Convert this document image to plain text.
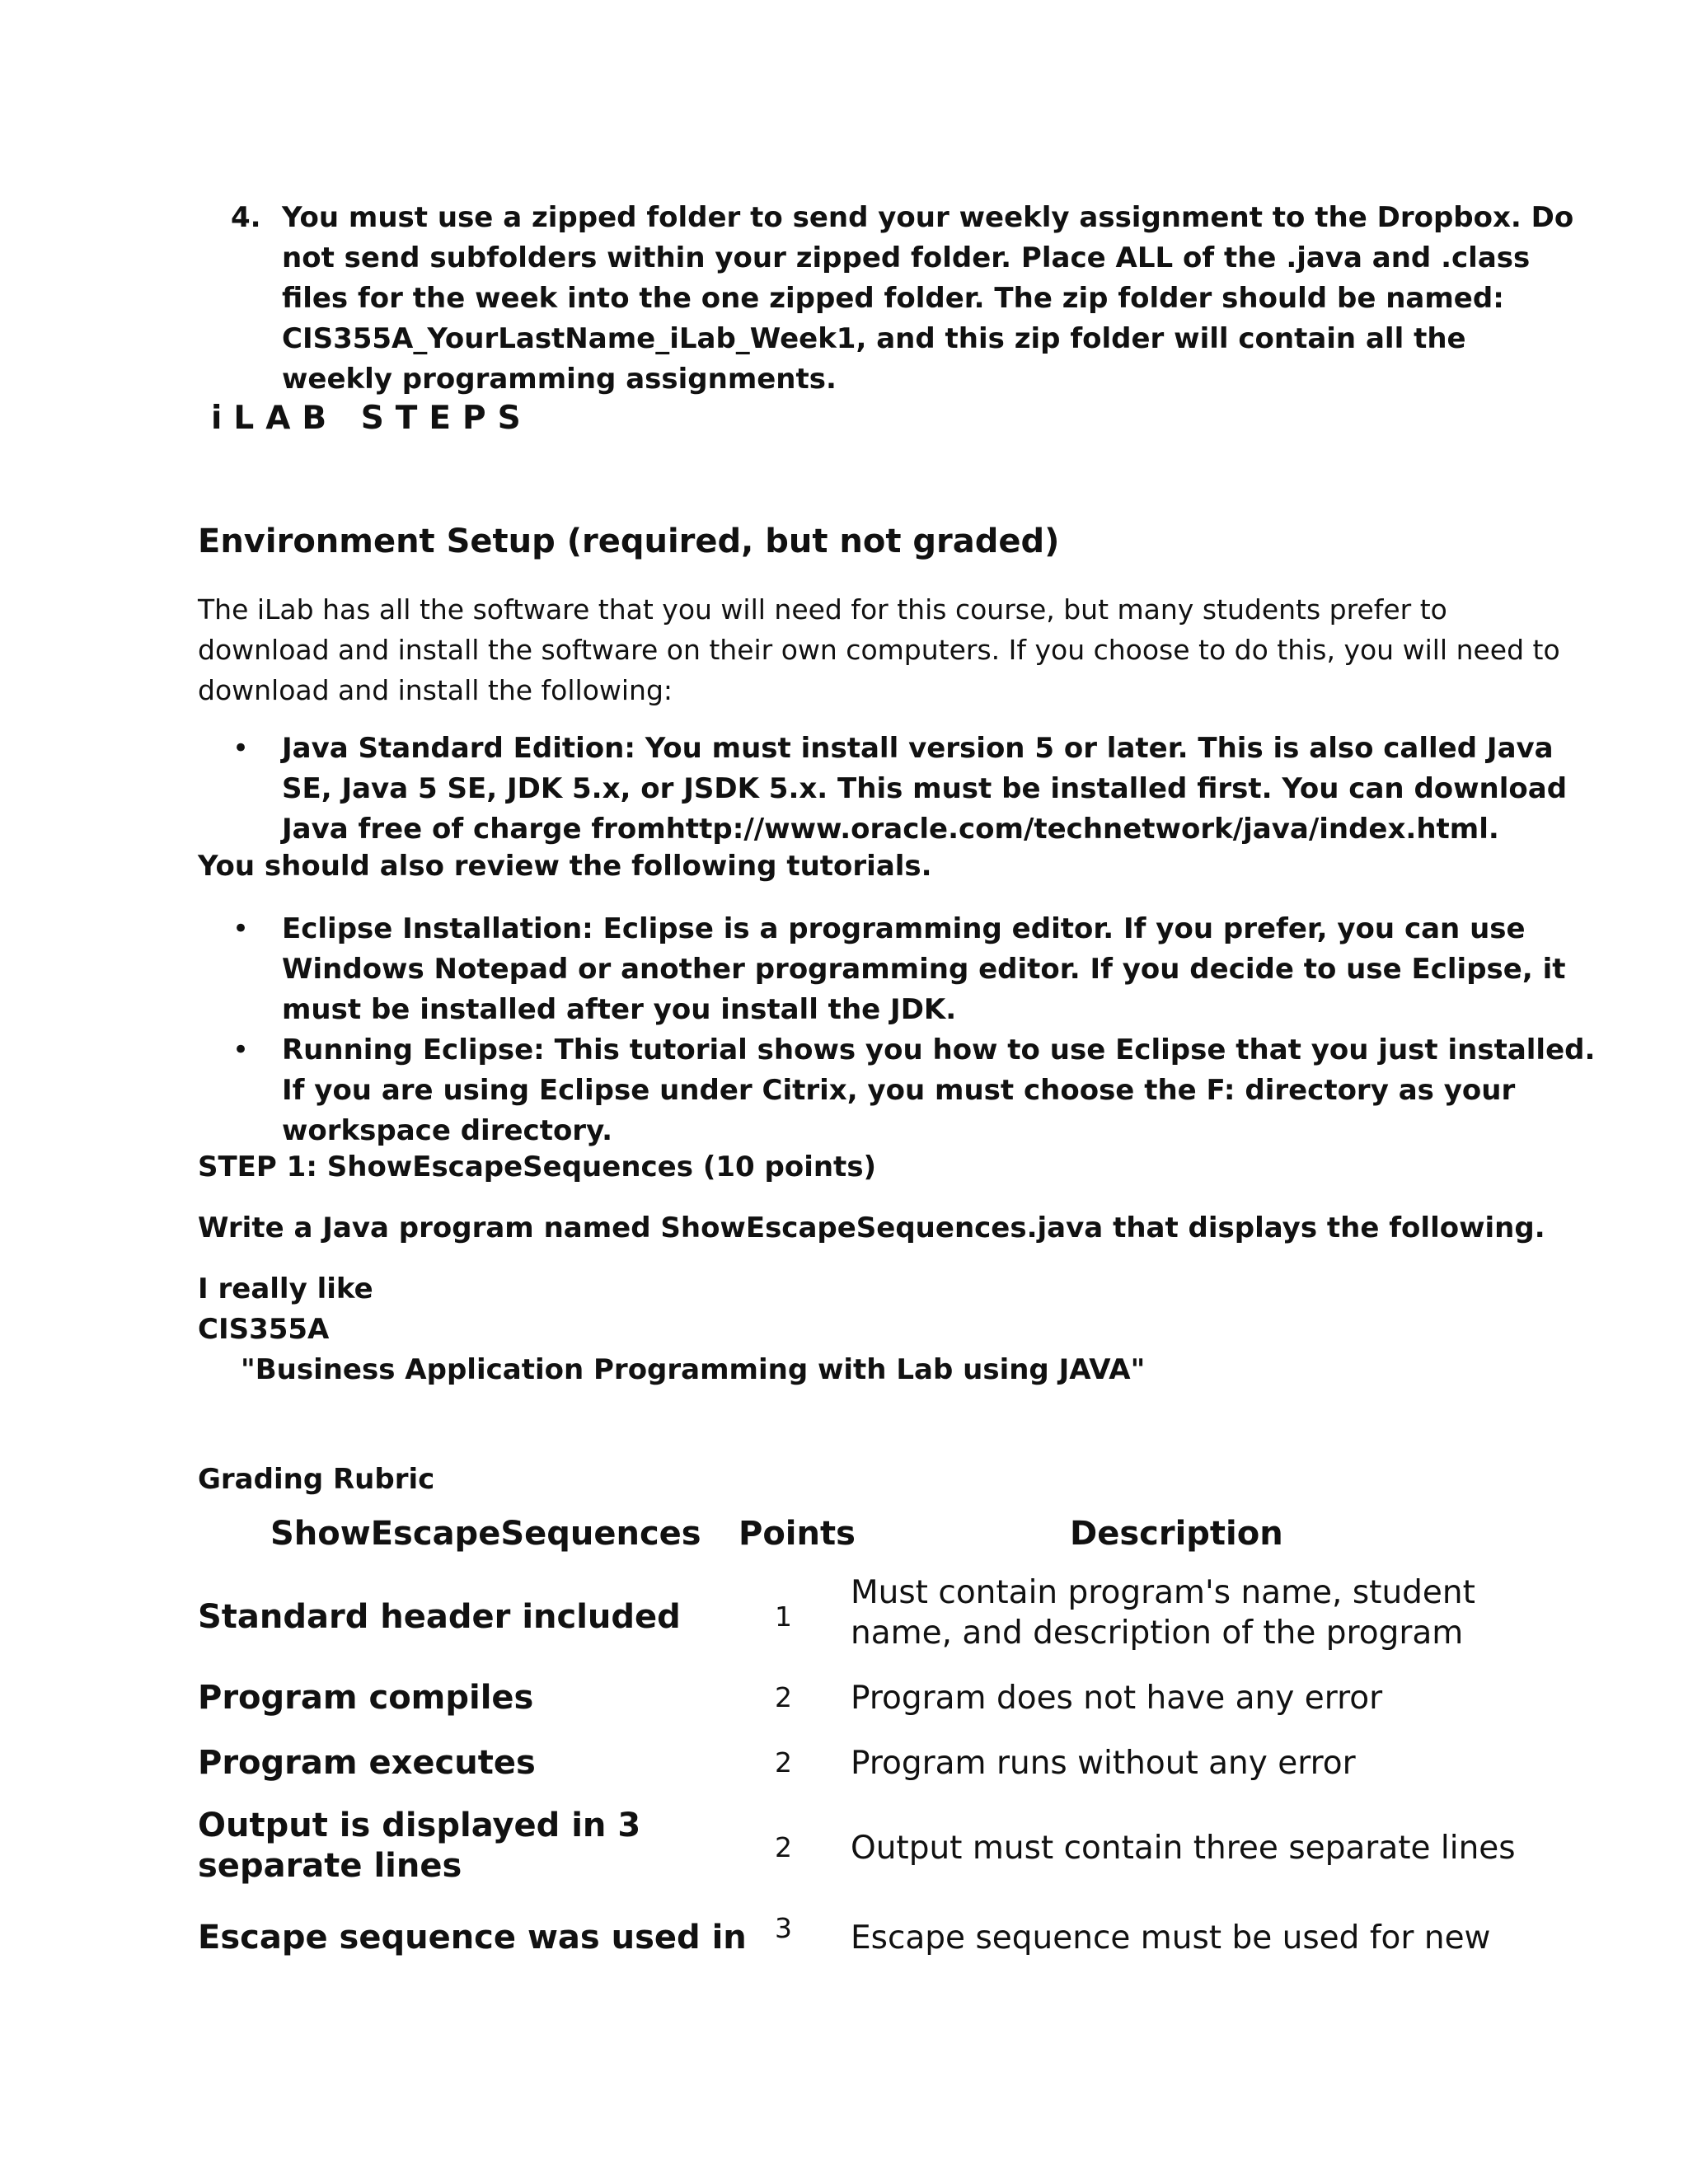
4. You must use a zipped folder to send your weekly assignment to the Dropbox. Do
not send subfolders within your zipped folder. Place ALL of the .java and .class
files for the week into the one zipped folder. The zip folder should be named:
CIS355A_YourLastName_iLab_Week1, and this zip folder will contain all the
weekly programming assignments.
iLAB STEPS
Environment Setup (required, but not graded)
The iLab has all the software that you will need for this course, but many students prefer to
download and install the software on their own computers. If you choose to do this, you will need to
download and install the following:
• Java Standard Edition: You must install version 5 or later. This is also called Java
SE, Java 5 SE, JDK 5.x, or JSDK 5.x. This must be installed first. You can download
Java free of charge fromhttp://www.oracle.com/technetwork/java/index.html.
You should also review the following tutorials.
• Eclipse Installation: Eclipse is a programming editor. If you prefer, you can use
Windows Notepad or another programming editor. If you decide to use Eclipse, it
must be installed after you install the JDK.
• Running Eclipse: This tutorial shows you how to use Eclipse that you just installed.
If you are using Eclipse under Citrix, you must choose the F: directory as your
workspace directory.
STEP 1: ShowEscapeSequences (10 points)
Write a Java program named ShowEscapeSequences.java that displays the following.
I really like
CIS355A
"Business Application Programming with Lab using JAVA"
Grading Rubric
ShowEscapeSequences Points	Description
Standard header included	1
Must contain program's name, student
name, and description of the program
Program compiles	2 Program does not have any error
Program executes	2 Program runs without any error
Output is displayed in 3
separate lines	2 Output must contain three separate lines
Escape sequence was used in 3 Escape sequence must be used for new
